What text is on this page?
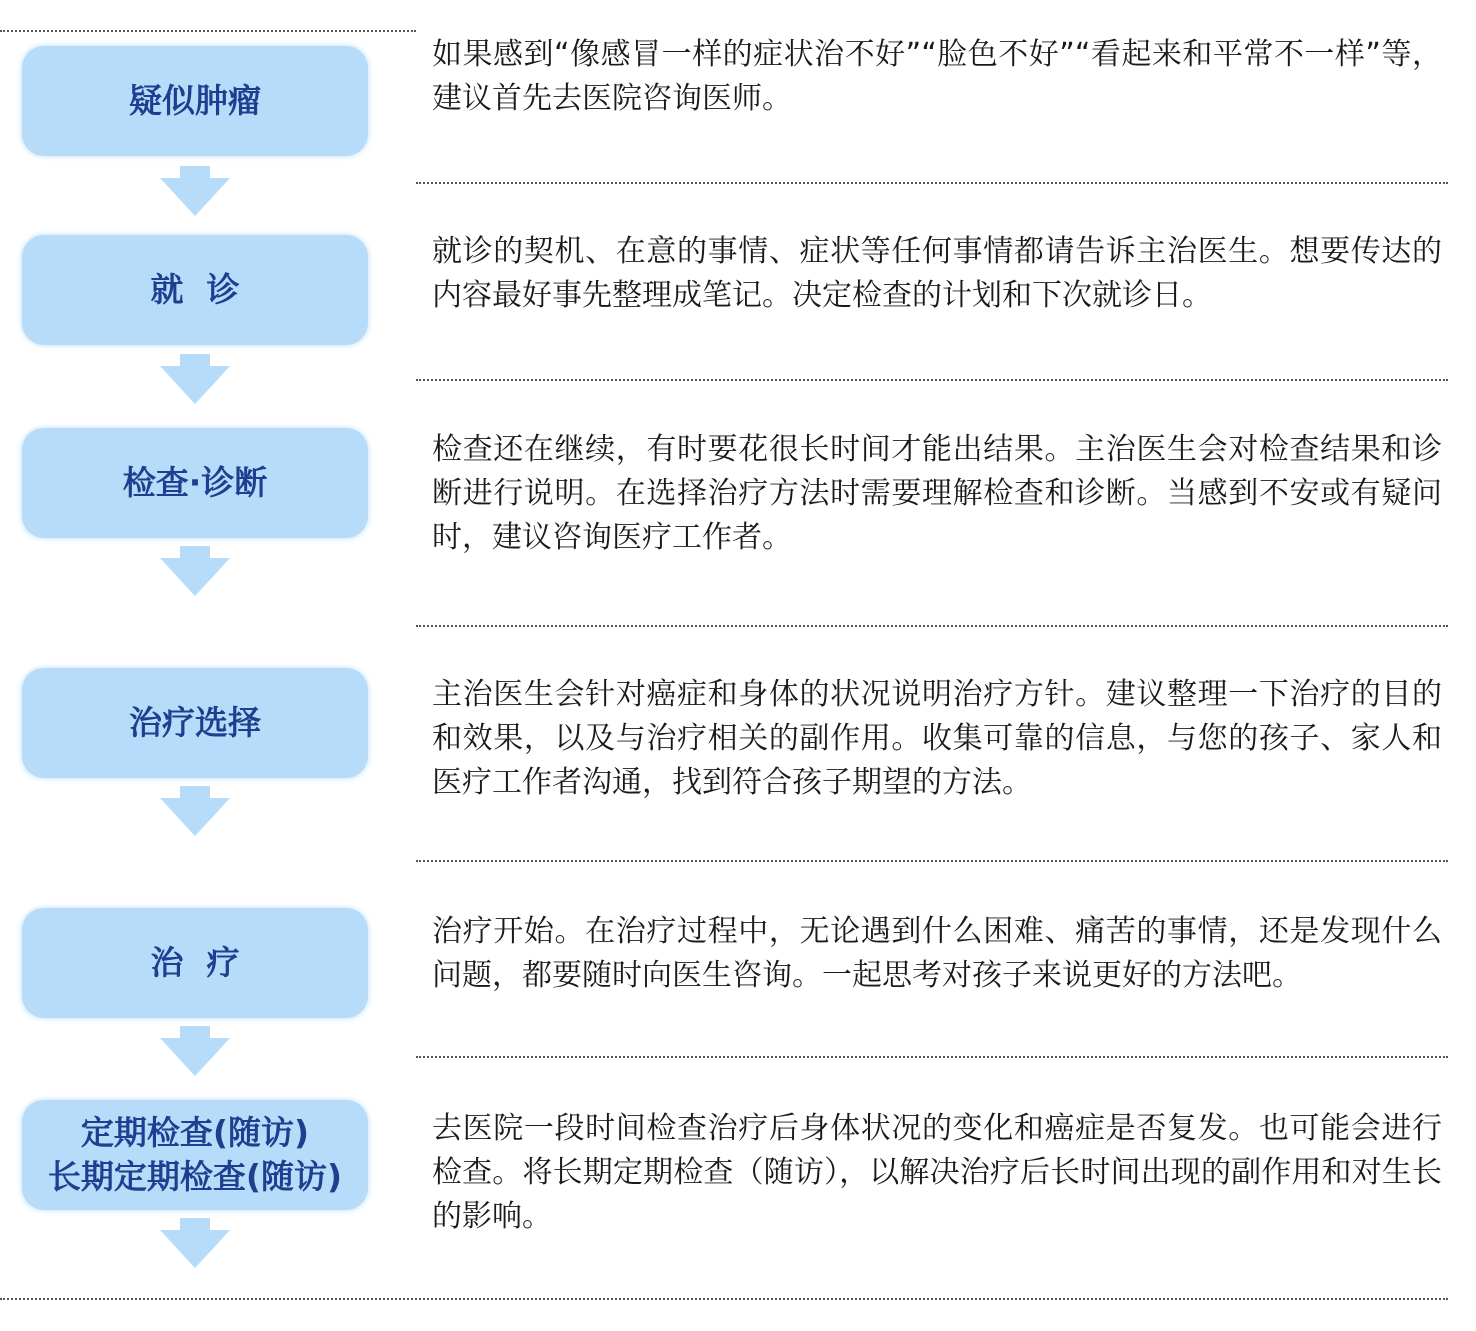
疑似肿瘤

如果感到“像感冒一样的症状治不好”“脸色不好”“看起来和平常不一样”等，建议首先去医院咨询医师。

就  诊

就诊的契机、在意的事情、症状等任何事情都请告诉主治医生。想要传达的内容最好事先整理成笔记。决定检查的计划和下次就诊日。

检查·诊断

检查还在继续，有时要花很长时间才能出结果。主治医生会对检查结果和诊断进行说明。在选择治疗方法时需要理解检查和诊断。当感到不安或有疑问时，建议咨询医疗工作者。

治疗选择

主治医生会针对癌症和身体的状况说明治疗方针。建议整理一下治疗的目的和效果，以及与治疗相关的副作用。收集可靠的信息，与您的孩子、家人和医疗工作者沟通，找到符合孩子期望的方法。

治  疗

治疗开始。在治疗过程中，无论遇到什么困难、痛苦的事情，还是发现什么问题，都要随时向医生咨询。一起思考对孩子来说更好的方法吧。

定期检查(随访)
长期定期检查(随访)

去医院一段时间检查治疗后身体状况的变化和癌症是否复发。也可能会进行检查。将长期定期检查（随访），以解决治疗后长时间出现的副作用和对生长的影响。
